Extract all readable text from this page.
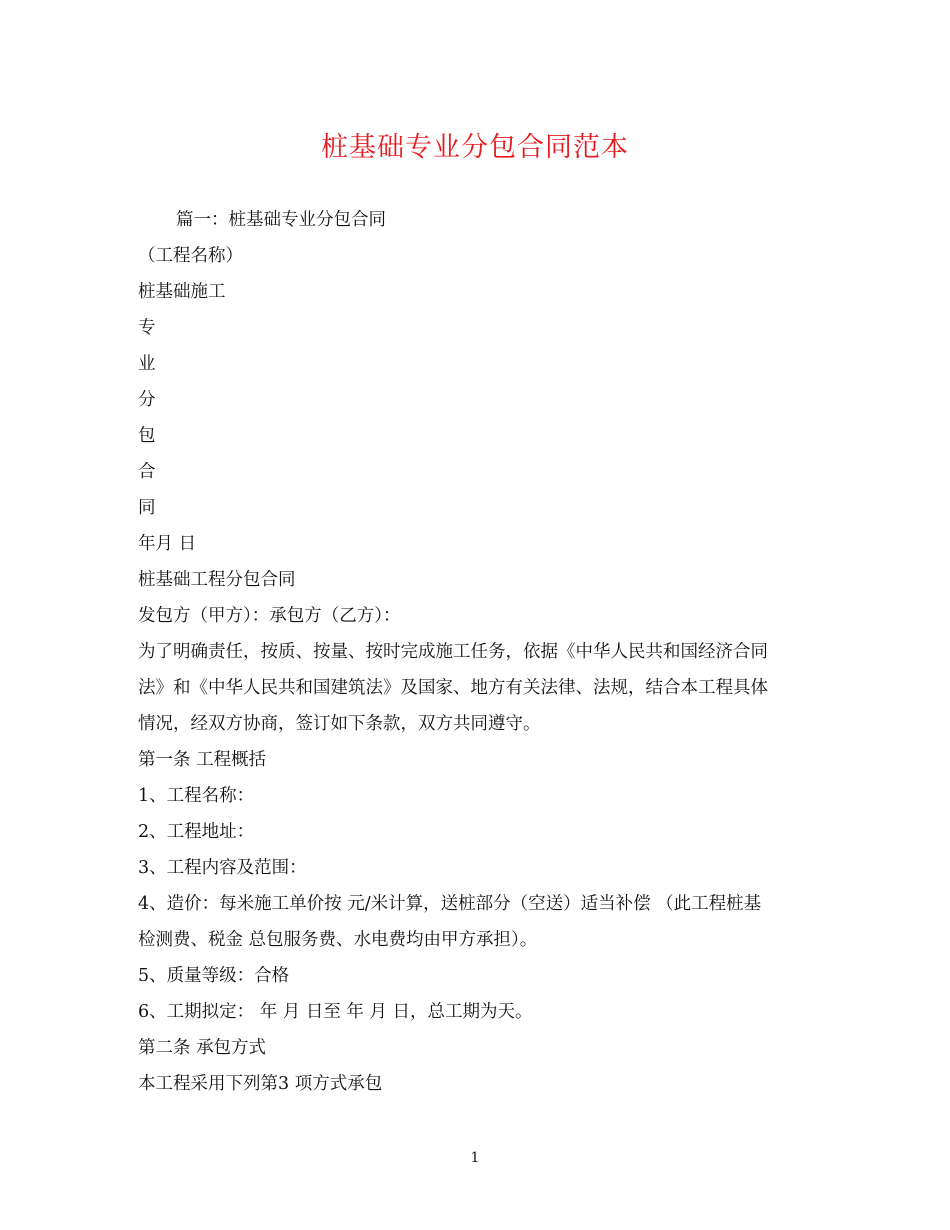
桩基础专业分包合同范本
篇一：桩基础专业分包合同
（工程名称）
桩基础施工
专
业
分
包
合
同
年月 日
桩基础工程分包合同
发包方（甲方）：承包方（乙方）：
为了明确责任，按质、按量、按时完成施工任务，依据《中华人民共和国经济合同
法》和《中华人民共和国建筑法》及国家、地方有关法律、法规，结合本工程具体
情况，经双方协商，签订如下条款，双方共同遵守。
第一条 工程概括
1、工程名称：
2、工程地址：
3、工程内容及范围：
4、造价：每米施工单价按 元/米计算，送桩部分（空送）适当补偿 （此工程桩基
检测费、税金 总包服务费、水电费均由甲方承担）。
5、质量等级：合格
6、工期拟定： 年 月 日至 年 月 日，总工期为天。
第二条 承包方式
本工程采用下列第3 项方式承包
1
